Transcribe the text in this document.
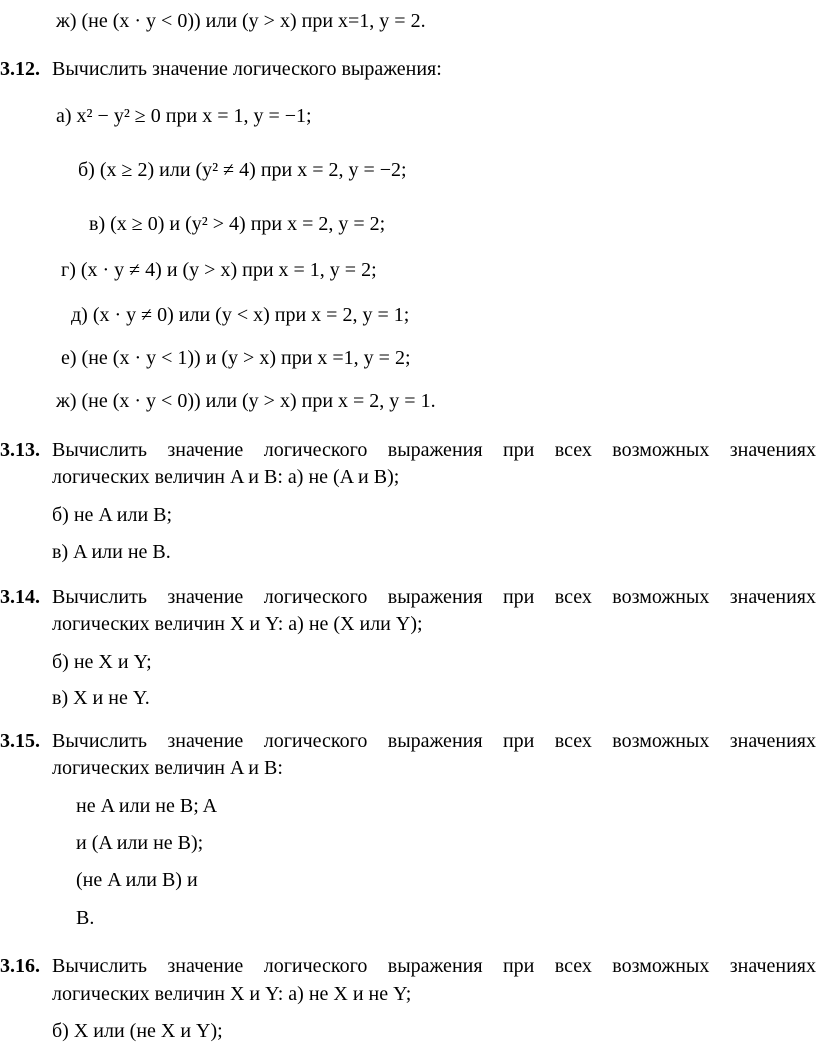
ж) (не (x · y < 0)) или (y > x) при x=1, y = 2.
3.12. Вычислить значение логического выражения:
а) x² − y² ≥ 0 при x = 1, y = −1;
б) (x ≥ 2) или (y² ≠ 4) при x = 2, y = −2;
в) (x ≥ 0) и (y² > 4) при x = 2, y = 2;
г) (x · y ≠ 4) и (y > x) при x = 1, y = 2;
д) (x · y ≠ 0) или (y < x) при x = 2, y = 1;
е) (не (x · y < 1)) и (y > x) при x =1, y = 2;
ж) (не (x · y < 0)) или (y > x) при x = 2, y = 1.
3.13. Вычислить значение логического выражения при всех возможных значениях
логических величин A и B: а) не (A и B);
б) не A или B;
в) A или не B.
3.14. Вычислить значение логического выражения при всех возможных значениях
логических величин X и Y: а) не (X или Y);
б) не X и Y;
в) X и не Y.
3.15. Вычислить значение логического выражения при всех возможных значениях
логических величин A и B:
не A или не B; A
и (A или не B);
(не A или B) и
B.
3.16. Вычислить значение логического выражения при всех возможных значениях
логических величин X и Y: а) не X и не Y;
б) X или (не X и Y);
